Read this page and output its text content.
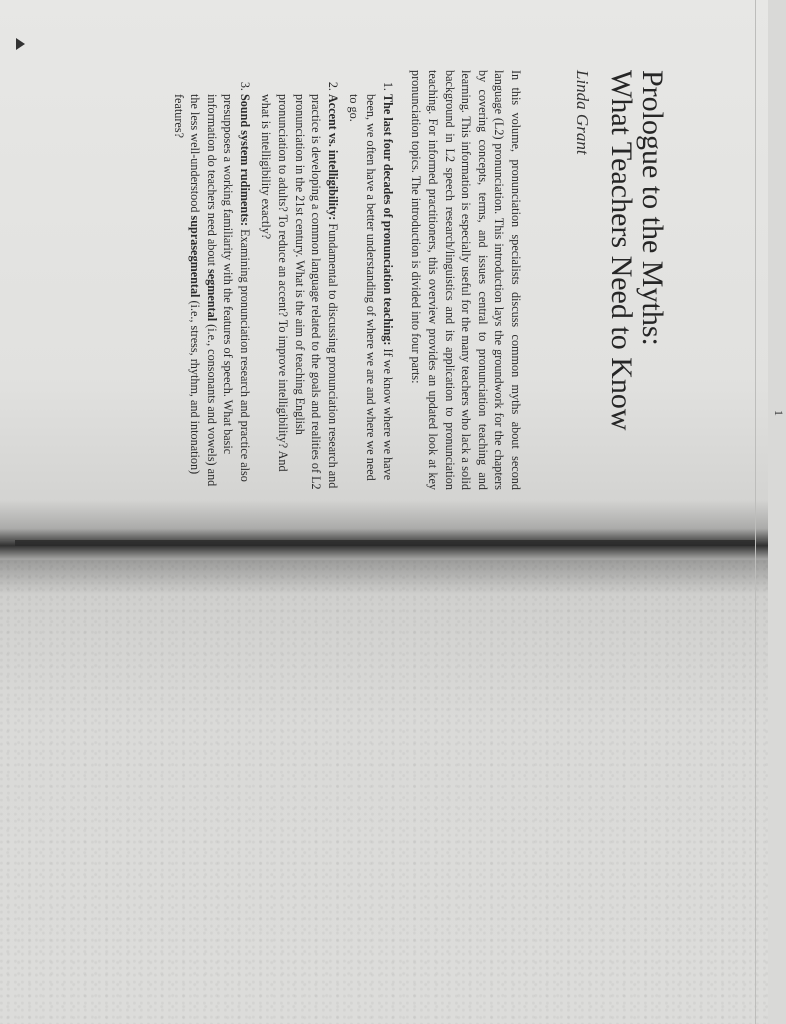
1
Prologue to the Myths:
What Teachers Need to Know

Linda Grant

In this volume, pronunciation specialists discuss common myths about second language (L2) pronunciation. This introduction lays the groundwork for the chapters by covering concepts, terms, and issues central to pronunciation teaching and learning. This information is especially useful for the many teachers who lack a solid background in L2 speech research/linguistics and its application to pronunciation teaching. For informed practitioners, this overview provides an updated look at key pronunciation topics. The introduction is divided into four parts:

1. The last four decades of pronunciation teaching: If we know where we have been, we often have a better understanding of where we are and where we need to go.
2. Accent vs. intelligibility: Fundamental to discussing pronunciation research and practice is developing a common language related to the goals and realities of L2 pronunciation in the 21st century. What is the aim of teaching English pronunciation to adults? To reduce an accent? To improve intelligibility? And what is intelligibility exactly?
3. Sound system rudiments: Examining pronunciation research and practice also presupposes a working familiarity with the features of speech. What basic information do teachers need about segmental (i.e., consonants and vowels) and the less well-understood suprasegmental (i.e., stress, rhythm, and intonation) features?
